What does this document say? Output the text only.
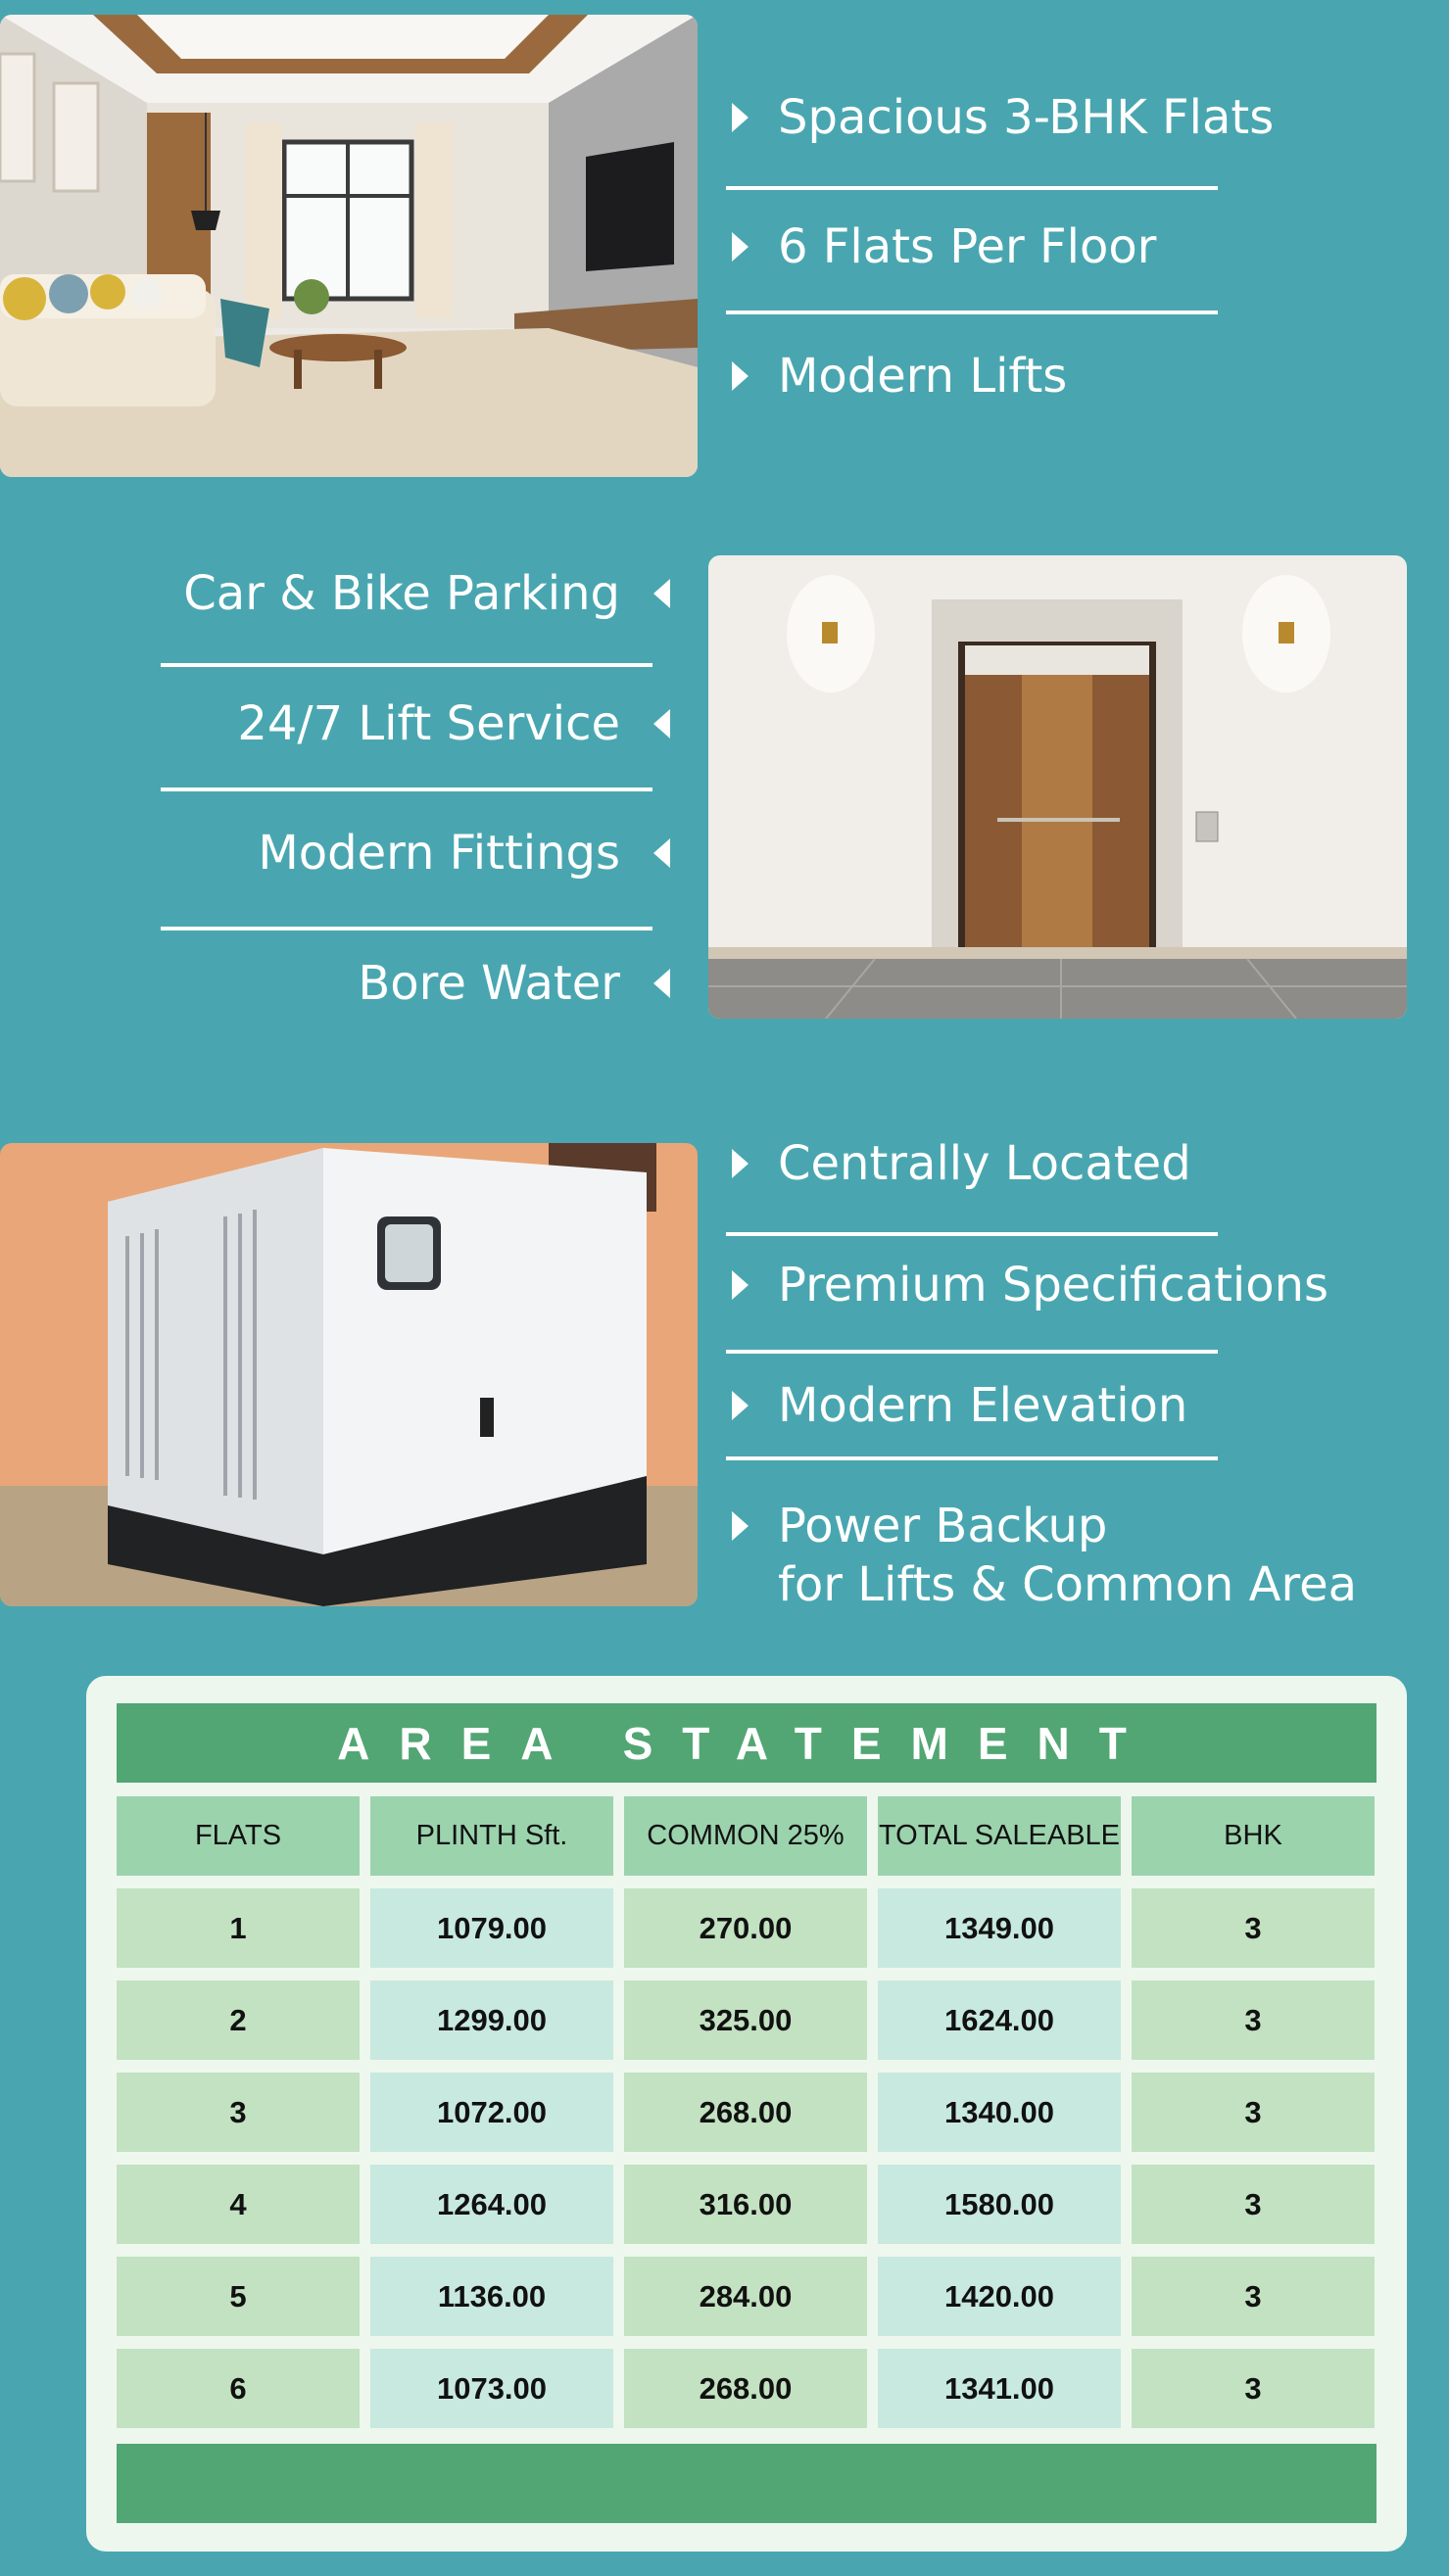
Spacious 3-BHK Flats
6 Flats Per Floor
Modern Lifts
Car & Bike Parking
24/7 Lift Service
Modern Fittings
Bore Water
Centrally Located
Premium Specifications
Modern Elevation
Power Backup
for Lifts & Common Area
AREA STATEMENT
FLATS	PLINTH Sft.	COMMON 25%	TOTAL SALEABLE	BHK
1	1079.00	270.00	1349.00	3
2	1299.00	325.00	1624.00	3
3	1072.00	268.00	1340.00	3
4	1264.00	316.00	1580.00	3
5	1136.00	284.00	1420.00	3
6	1073.00	268.00	1341.00	3
